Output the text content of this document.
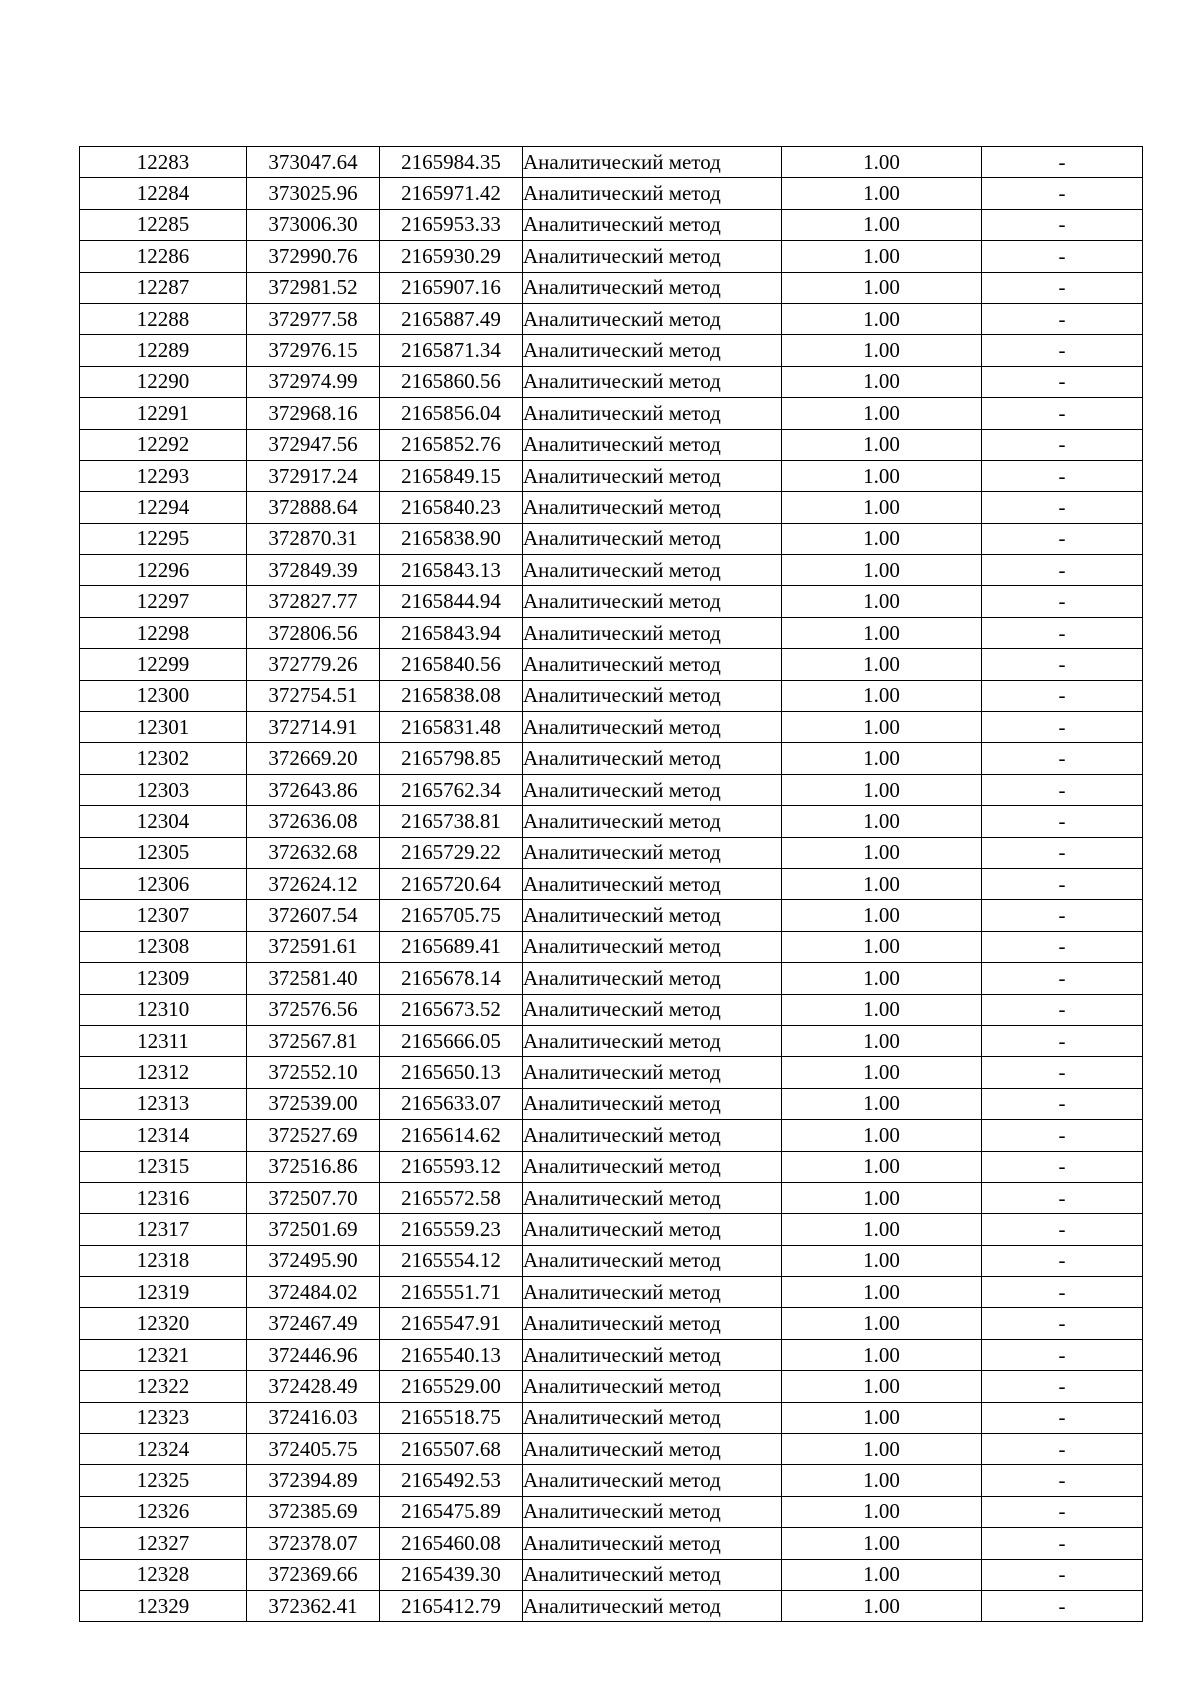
12283	373047.64	2165984.35	Аналитический метод	1.00	-
12284	373025.96	2165971.42	Аналитический метод	1.00	-
12285	373006.30	2165953.33	Аналитический метод	1.00	-
12286	372990.76	2165930.29	Аналитический метод	1.00	-
12287	372981.52	2165907.16	Аналитический метод	1.00	-
12288	372977.58	2165887.49	Аналитический метод	1.00	-
12289	372976.15	2165871.34	Аналитический метод	1.00	-
12290	372974.99	2165860.56	Аналитический метод	1.00	-
12291	372968.16	2165856.04	Аналитический метод	1.00	-
12292	372947.56	2165852.76	Аналитический метод	1.00	-
12293	372917.24	2165849.15	Аналитический метод	1.00	-
12294	372888.64	2165840.23	Аналитический метод	1.00	-
12295	372870.31	2165838.90	Аналитический метод	1.00	-
12296	372849.39	2165843.13	Аналитический метод	1.00	-
12297	372827.77	2165844.94	Аналитический метод	1.00	-
12298	372806.56	2165843.94	Аналитический метод	1.00	-
12299	372779.26	2165840.56	Аналитический метод	1.00	-
12300	372754.51	2165838.08	Аналитический метод	1.00	-
12301	372714.91	2165831.48	Аналитический метод	1.00	-
12302	372669.20	2165798.85	Аналитический метод	1.00	-
12303	372643.86	2165762.34	Аналитический метод	1.00	-
12304	372636.08	2165738.81	Аналитический метод	1.00	-
12305	372632.68	2165729.22	Аналитический метод	1.00	-
12306	372624.12	2165720.64	Аналитический метод	1.00	-
12307	372607.54	2165705.75	Аналитический метод	1.00	-
12308	372591.61	2165689.41	Аналитический метод	1.00	-
12309	372581.40	2165678.14	Аналитический метод	1.00	-
12310	372576.56	2165673.52	Аналитический метод	1.00	-
12311	372567.81	2165666.05	Аналитический метод	1.00	-
12312	372552.10	2165650.13	Аналитический метод	1.00	-
12313	372539.00	2165633.07	Аналитический метод	1.00	-
12314	372527.69	2165614.62	Аналитический метод	1.00	-
12315	372516.86	2165593.12	Аналитический метод	1.00	-
12316	372507.70	2165572.58	Аналитический метод	1.00	-
12317	372501.69	2165559.23	Аналитический метод	1.00	-
12318	372495.90	2165554.12	Аналитический метод	1.00	-
12319	372484.02	2165551.71	Аналитический метод	1.00	-
12320	372467.49	2165547.91	Аналитический метод	1.00	-
12321	372446.96	2165540.13	Аналитический метод	1.00	-
12322	372428.49	2165529.00	Аналитический метод	1.00	-
12323	372416.03	2165518.75	Аналитический метод	1.00	-
12324	372405.75	2165507.68	Аналитический метод	1.00	-
12325	372394.89	2165492.53	Аналитический метод	1.00	-
12326	372385.69	2165475.89	Аналитический метод	1.00	-
12327	372378.07	2165460.08	Аналитический метод	1.00	-
12328	372369.66	2165439.30	Аналитический метод	1.00	-
12329	372362.41	2165412.79	Аналитический метод	1.00	-
